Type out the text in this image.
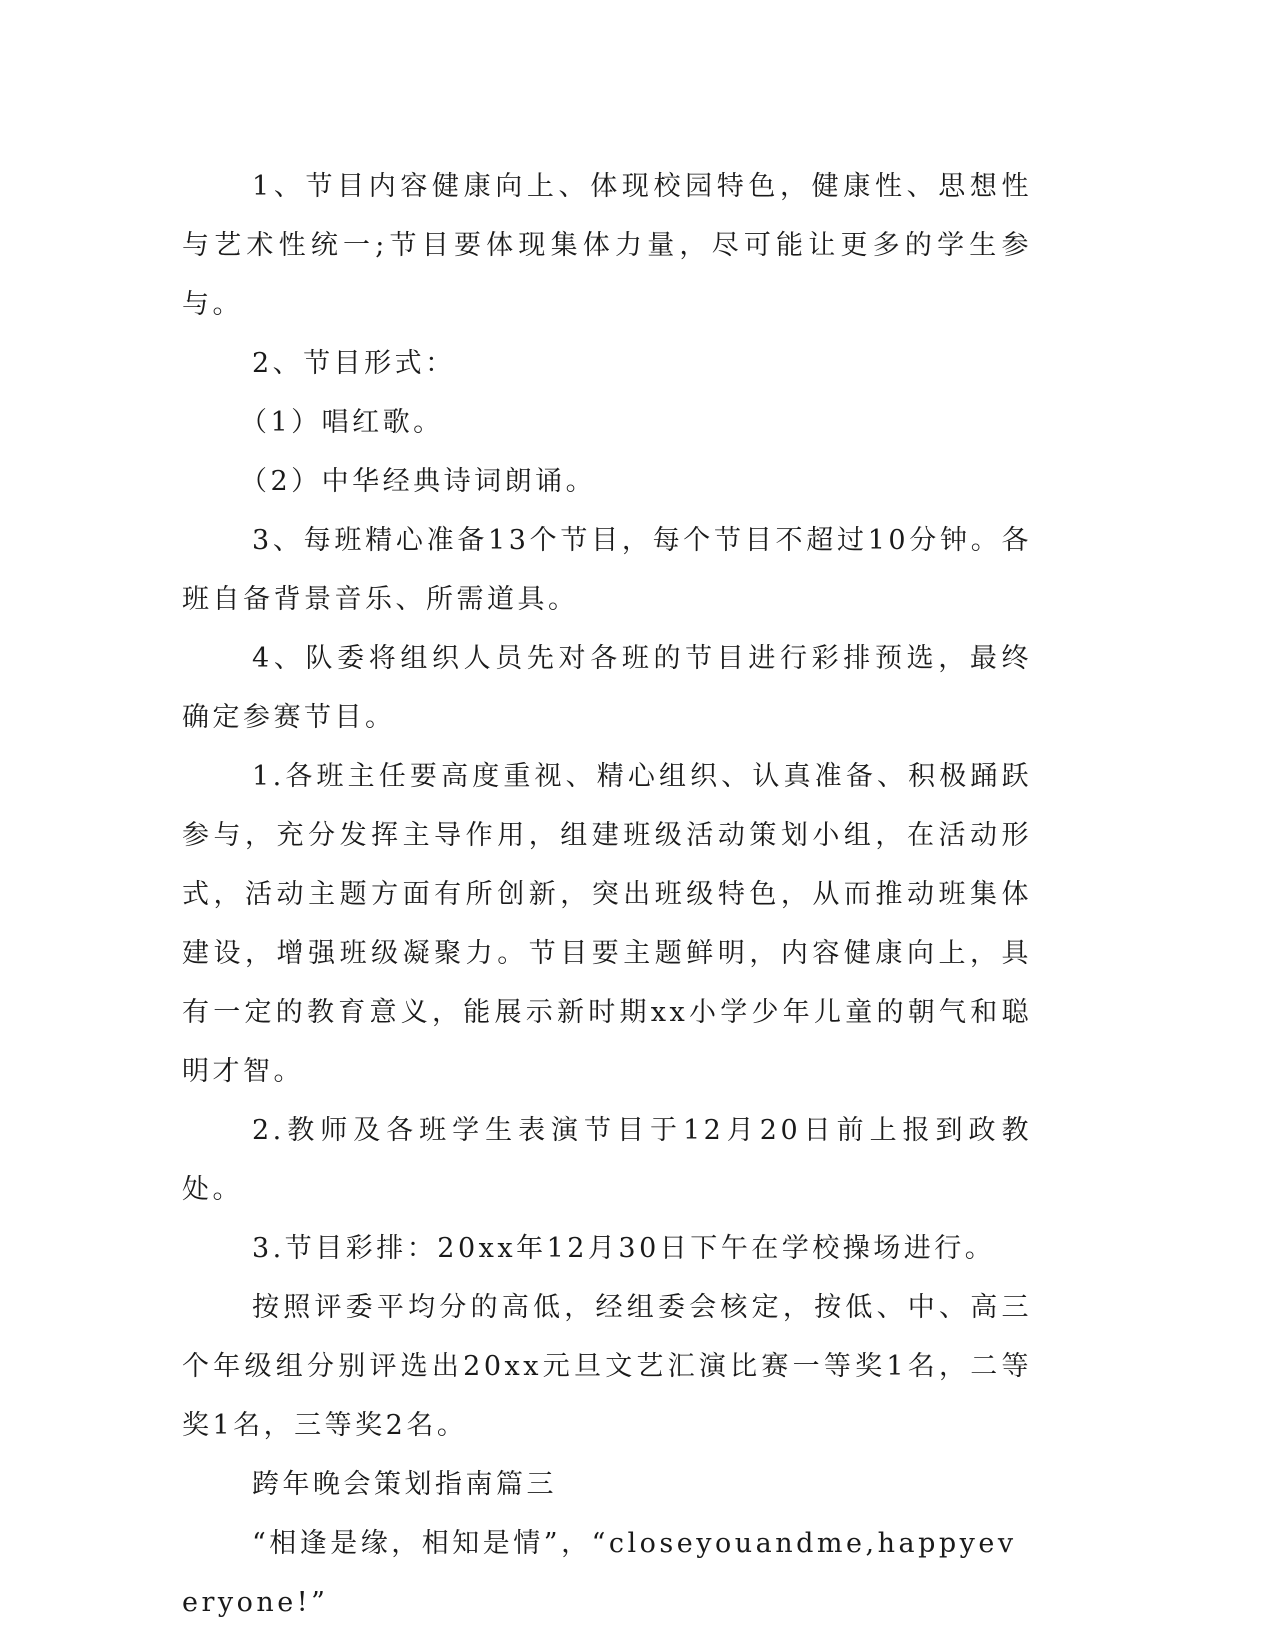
1、节目内容健康向上、体现校园特色，健康性、思想性与艺术性统一;节目要体现集体力量，尽可能让更多的学生参与。

2、节目形式：

（1）唱红歌。

（2）中华经典诗词朗诵。

3、每班精心准备13个节目，每个节目不超过10分钟。各班自备背景音乐、所需道具。

4、队委将组织人员先对各班的节目进行彩排预选，最终确定参赛节目。

1.各班主任要高度重视、精心组织、认真准备、积极踊跃参与，充分发挥主导作用，组建班级活动策划小组，在活动形式，活动主题方面有所创新，突出班级特色，从而推动班集体建设，增强班级凝聚力。节目要主题鲜明，内容健康向上，具有一定的教育意义，能展示新时期xx小学少年儿童的朝气和聪明才智。

2.教师及各班学生表演节目于12月20日前上报到政教处。

3.节目彩排：20xx年12月30日下午在学校操场进行。

按照评委平均分的高低，经组委会核定，按低、中、高三个年级组分别评选出20xx元旦文艺汇演比赛一等奖1名，二等奖1名，三等奖2名。

跨年晚会策划指南篇三

“相逢是缘，相知是情”，“closeyouandme,happyeveryone!”
